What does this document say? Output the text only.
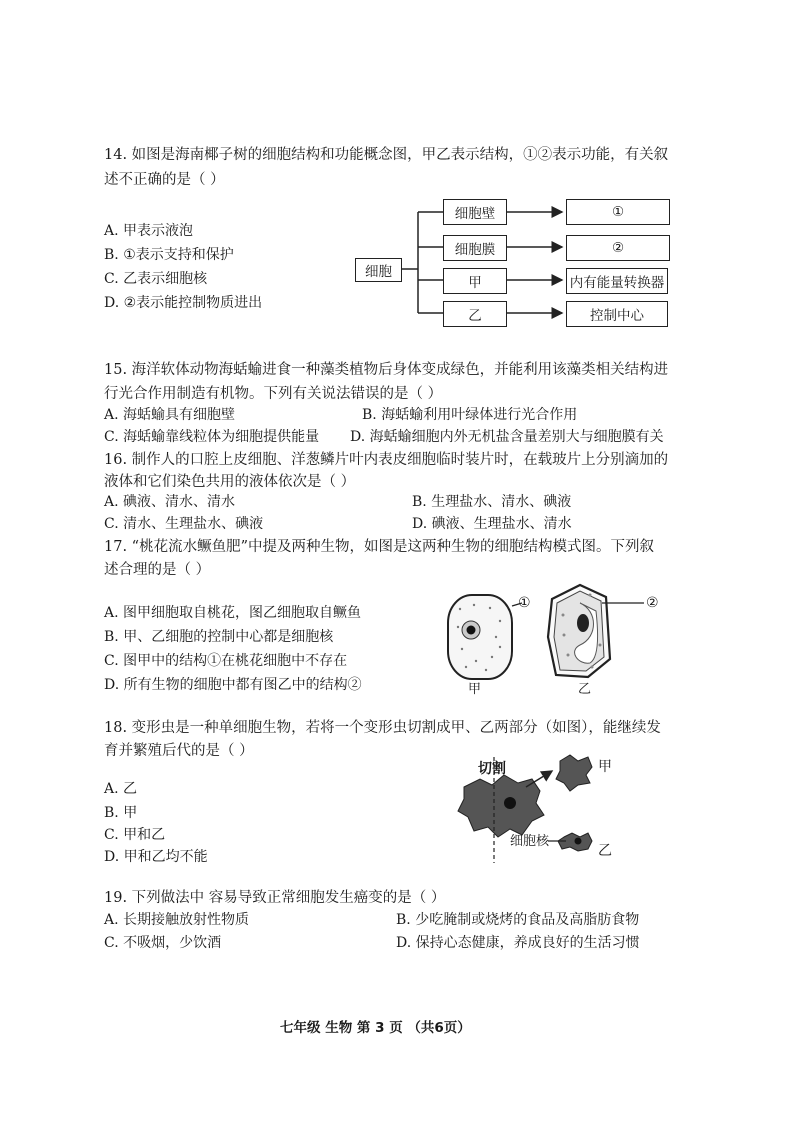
14. 如图是海南椰子树的细胞结构和功能概念图，甲乙表示结构，①②表示功能，有关叙
述不正确的是（ ）
A. 甲表示液泡
B. ①表示支持和保护
C. 乙表示细胞核
D. ②表示能控制物质进出
细胞
细胞壁
细胞膜
甲
乙
①
②
内有能量转换器
控制中心
15. 海洋软体动物海蛞蝓进食一种藻类植物后身体变成绿色，并能利用该藻类相关结构进
行光合作用制造有机物。下列有关说法错误的是（ ）
A. 海蛞蝓具有细胞壁	B. 海蛞蝓利用叶绿体进行光合作用
C. 海蛞蝓靠线粒体为细胞提供能量 D. 海蛞蝓细胞内外无机盐含量差别大与细胞膜有关
16. 制作人的口腔上皮细胞、洋葱鳞片叶内表皮细胞临时装片时，在载玻片上分别滴加的
液体和它们染色共用的液体依次是（ ）
A. 碘液、清水、清水	B. 生理盐水、清水、碘液
C. 清水、生理盐水、碘液	D. 碘液、生理盐水、清水
17. “桃花流水鳜鱼肥”中提及两种生物，如图是这两种生物的细胞结构模式图。下列叙
述合理的是（ ）
A. 图甲细胞取自桃花，图乙细胞取自鳜鱼
B. 甲、乙细胞的控制中心都是细胞核
C. 图甲中的结构①在桃花细胞中不存在
D. 所有生物的细胞中都有图乙中的结构②
①	②
甲	乙
18. 变形虫是一种单细胞生物，若将一个变形虫切割成甲、乙两部分（如图），能继续发
育并繁殖后代的是（ ）
A. 乙
B. 甲
C. 甲和乙
D. 甲和乙均不能
切割	甲
细胞核
乙
19. 下列做法中 容易导致正常细胞发生癌变的是（ ）
A. 长期接触放射性物质	B. 少吃腌制或烧烤的食品及高脂肪食物
C. 不吸烟，少饮酒	D. 保持心态健康，养成良好的生活习惯
七年级 生物 第 3 页 （共6页）
